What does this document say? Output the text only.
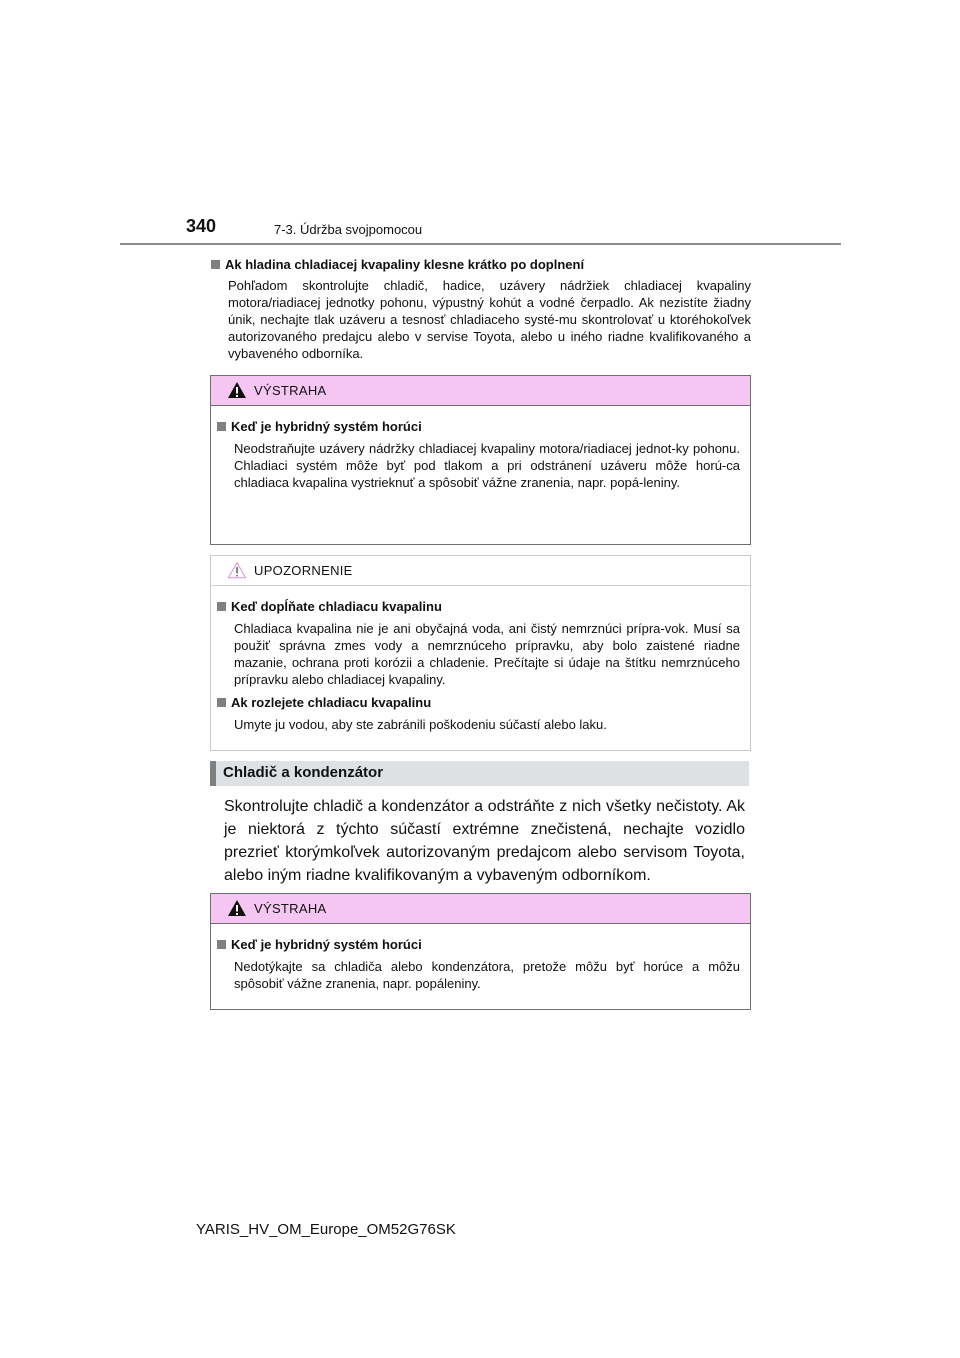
340	7-3. Údržba svojpomocou
Ak hladina chladiacej kvapaliny klesne krátko po doplnení
Pohľadom skontrolujte chladič, hadice, uzávery nádržiek chladiacej kvapaliny motora/riadiacej jednotky pohonu, výpustný kohút a vodné čerpadlo. Ak nezistíte žiadny únik, nechajte tlak uzáveru a tesnosť chladiaceho systé-mu skontrolovať u ktoréhokoľvek autorizovaného predajcu alebo v servise Toyota, alebo u iného riadne kvalifikovaného a vybaveného odborníka.
VÝSTRAHA
Keď je hybridný systém horúci
Neodstraňujte uzávery nádržky chladiacej kvapaliny motora/riadiacej jednot-ky pohonu. Chladiaci systém môže byť pod tlakom a pri odstránení uzáveru môže horú-ca chladiaca kvapalina vystrieknuť a spôsobiť vážne zranenia, napr. popá-leniny.
UPOZORNENIE
Keď dopĺňate chladiacu kvapalinu
Chladiaca kvapalina nie je ani obyčajná voda, ani čistý nemrznúci prípra-vok. Musí sa použiť správna zmes vody a nemrznúceho prípravku, aby bolo zaistené riadne mazanie, ochrana proti korózii a chladenie. Prečítajte si údaje na štítku nemrznúceho prípravku alebo chladiacej kvapaliny.
Ak rozlejete chladiacu kvapalinu
Umyte ju vodou, aby ste zabránili poškodeniu súčastí alebo laku.
Chladič a kondenzátor
Skontrolujte chladič a kondenzátor a odstráňte z nich všetky nečistoty. Ak je niektorá z týchto súčastí extrémne znečistená, nechajte vozidlo prezrieť ktorýmkoľvek autorizovaným predajcom alebo servisom Toyota, alebo iným riadne kvalifikovaným a vybaveným odborníkom.
VÝSTRAHA
Keď je hybridný systém horúci
Nedotýkajte sa chladiča alebo kondenzátora, pretože môžu byť horúce a môžu spôsobiť vážne zranenia, napr. popáleniny.
YARIS_HV_OM_Europe_OM52G76SK
